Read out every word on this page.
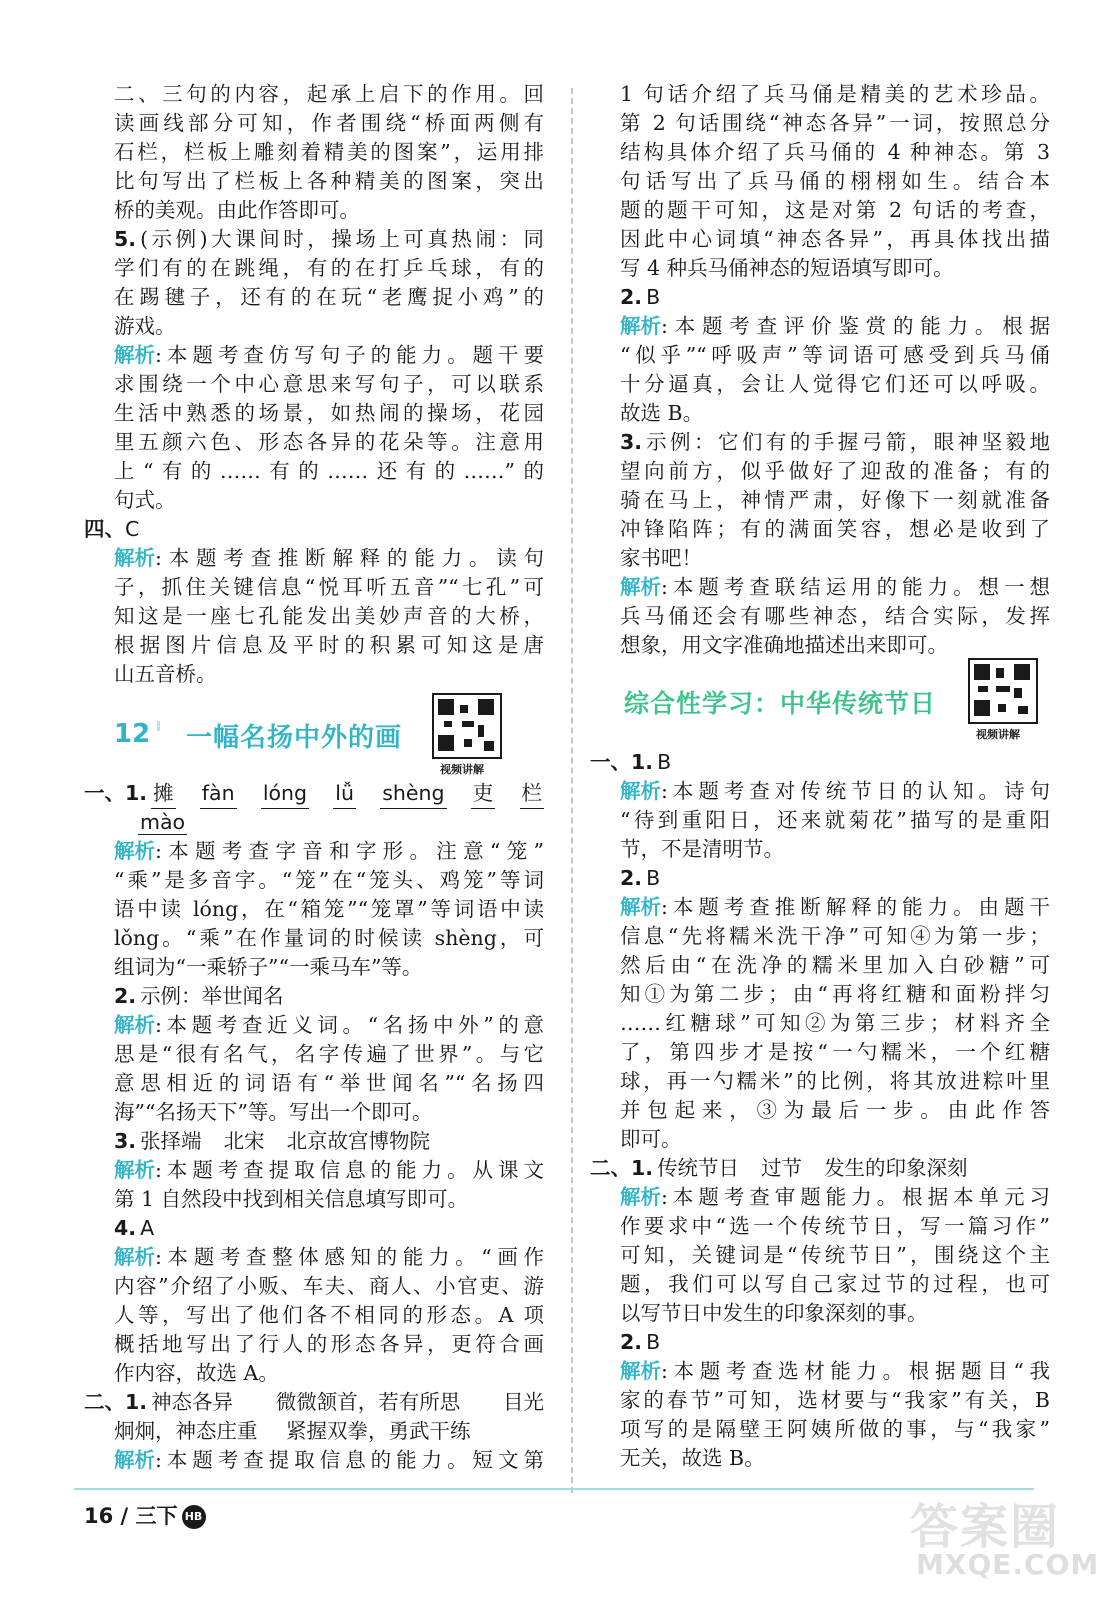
二、三句的内容，起承上启下的作用。回
读画线部分可知，作者围绕“桥面两侧有
石栏，栏板上雕刻着精美的图案”，运用排
比句写出了栏板上各种精美的图案，突出
桥的美观。由此作答即可。
5. (示例)大课间时，操场上可真热闹：同
学们有的在跳绳，有的在打乒乓球，有的
在踢毽子，还有的在玩“老鹰捉小鸡”的
游戏。
解析 :本题考查仿写句子的能力。题干要
求围绕一个中心意思来写句子，可以联系
生活中熟悉的场景，如热闹的操场，花园
里五颜六色、形态各异的花朵等。注意用
上“有的……有的……还有的……”的
句式。
四、C
解析 :本题考查推断解释的能力。读句
子，抓住关键信息“悦耳听五音”“七孔”可
知这是一座七孔能发出美妙声音的大桥，
根据图片信息及平时的积累可知这是唐
山五音桥。
12 一幅名扬中外的画
视频讲解
一、 1. 摊 fàn lóng lǚ shèng 吏 栏
mào
解析 :本题考查字音和字形。注意“笼”
“乘”是多音字。“笼”在“笼头、鸡笼”等词
语中读 lóng，在“箱笼”“笼罩”等词语中读
lǒng。“乘”在作量词的时候读 shèng，可
组词为“一乘轿子”“一乘马车”等。
2. 示例：举世闻名
解析 :本题考查近义词。“名扬中外”的意
思是“很有名气，名字传遍了世界”。与它
意思相近的词语有“举世闻名”“名扬四
海”“名扬天下”等。写出一个即可。
3. 张择端 北宋 北京故宫博物院
解析 :本题考查提取信息的能力。从课文
第 1 自然段中找到相关信息填写即可。
4. A
解析 :本题考查整体感知的能力。“画作
内容”介绍了小贩、车夫、商人、小官吏、游
人等，写出了他们各不相同的形态。A 项
概括地写出了行人的形态各异，更符合画
作内容，故选 A。
二、 1. 神态各异 微微颔首，若有所思 目光
炯炯，神态庄重 紧握双拳，勇武干练
解析 :本题考查提取信息的能力。短文第
1 句话介绍了兵马俑是精美的艺术珍品。
第 2 句话围绕“神态各异”一词，按照总分
结构具体介绍了兵马俑的 4 种神态。第 3
句话写出了兵马俑的栩栩如生。结合本
题的题干可知，这是对第 2 句话的考查，
因此中心词填“神态各异”，再具体找出描
写 4 种兵马俑神态的短语填写即可。
2. B
解析 :本题考查评价鉴赏的能力。根据
“似乎”“呼吸声”等词语可感受到兵马俑
十分逼真，会让人觉得它们还可以呼吸。
故选 B。
3. 示例：它们有的手握弓箭，眼神坚毅地
望向前方，似乎做好了迎敌的准备；有的
骑在马上，神情严肃，好像下一刻就准备
冲锋陷阵；有的满面笑容，想必是收到了
家书吧！
解析 :本题考查联结运用的能力。想一想
兵马俑还会有哪些神态，结合实际，发挥
想象，用文字准确地描述出来即可。
综合性学习：中华传统节日
视频讲解
一、 1. B
解析 :本题考查对传统节日的认知。诗句
“待到重阳日，还来就菊花”描写的是重阳
节，不是清明节。
2. B
解析 :本题考查推断解释的能力。由题干
信息“先将糯米洗干净”可知④为第一步；
然后由“在洗净的糯米里加入白砂糖”可
知①为第二步；由“再将红糖和面粉拌匀
……红糖球”可知②为第三步；材料齐全
了，第四步才是按“一勺糯米，一个红糖
球，再一勺糯米”的比例，将其放进粽叶里
并包起来，③为最后一步。由此作答
即可。
二、 1. 传统节日 过节 发生的印象深刻
解析 :本题考查审题能力。根据本单元习
作要求中“选一个传统节日，写一篇习作”
可知，关键词是“传统节日”，围绕这个主
题，我们可以写自己家过节的过程，也可
以写节日中发生的印象深刻的事。
2. B
解析 :本题考查选材能力。根据题目“我
家的春节”可知，选材要与“我家”有关，B
项写的是隔壁王阿姨所做的事，与“我家”
无关，故选 B。
16 / 三下 HB	答案圈
MXQE.COM
